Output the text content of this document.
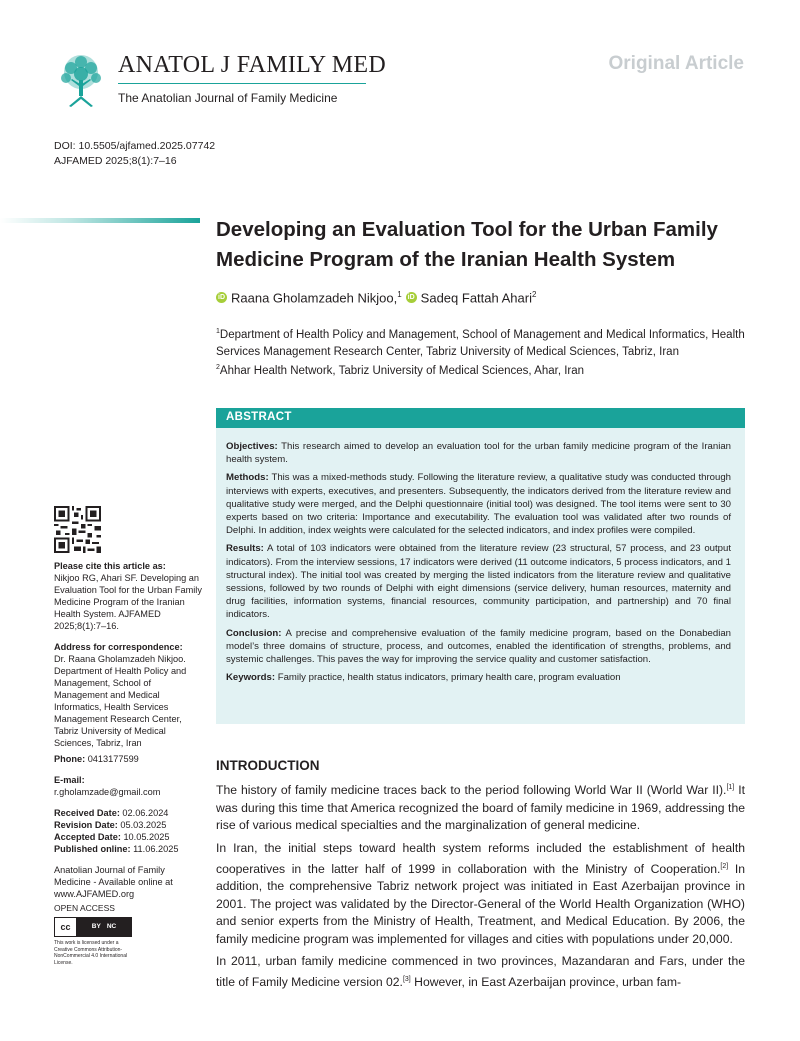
ANATOL J FAMILY MED
The Anatolian Journal of Family Medicine
Original Article
DOI: 10.5505/ajfamed.2025.07742
AJFAMED 2025;8(1):7–16
Developing an Evaluation Tool for the Urban Family Medicine Program of the Iranian Health System
iD Raana Gholamzadeh Nikjoo,$^1$ iD Sadeq Fattah Ahari$^2$
$^1$Department of Health Policy and Management, School of Management and Medical Informatics, Health Services Management Research Center, Tabriz University of Medical Sciences, Tabriz, Iran
$^2$Ahhar Health Network, Tabriz University of Medical Sciences, Ahar, Iran
ABSTRACT

Objectives: This research aimed to develop an evaluation tool for the urban family medicine program of the Iranian health system.

Methods: This was a mixed-methods study. Following the literature review, a qualitative study was conducted through interviews with experts, executives, and presenters. Subsequently, the indicators derived from the literature review and qualitative study were merged, and the Delphi questionnaire (initial tool) was designed. The tool items were sent to 30 experts based on two criteria: Importance and executability. The evaluation tool was validated after two rounds of Delphi. In addition, index weights were calculated for the selected indicators, and index profiles were compiled.

Results: A total of 103 indicators were obtained from the literature review (23 structural, 57 process, and 23 output indicators). From the interview sessions, 17 indicators were derived (11 outcome indicators, 5 process indicators, and 1 structural index). The initial tool was created by merging the listed indicators from the literature review and qualitative sessions, followed by two rounds of Delphi with eight dimensions (service delivery, human resources, maternity and drug facilities, information systems, financial resources, community participation, and partnership) and 70 final indicators.

Conclusion: A precise and comprehensive evaluation of the family medicine program, based on the Donabedian model’s three domains of structure, process, and outcomes, enabled the identification of strengths, problems, and systemic challenges. This paves the way for improving the service quality and customer satisfaction.

Keywords: Family practice, health status indicators, primary health care, program evaluation

Please cite this article as:
Nikjoo RG, Ahari SF. Developing an Evaluation Tool for the Urban Family Medicine Program of the Iranian Health System. AJFAMED 2025;8(1):7–16.
Address for correspondence:
Dr. Raana Gholamzadeh Nikjoo. Department of Health Policy and Management, School of Management and Medical Informatics, Health Services Management Research Center, Tabriz University of Medical Sciences, Tabriz, Iran
Phone: 0413177599
E-mail:
r.gholamzade@gmail.com
Received Date: 02.06.2024
Revision Date: 05.03.2025
Accepted Date: 10.05.2025
Published online: 11.06.2025
Anatolian Journal of Family Medicine - Available online at www.AJFAMED.org
OPEN ACCESS
cc	BY NC
This work is licensed under a Creative Commons Attribution-NonCommercial 4.0 International License.
INTRODUCTION

The history of family medicine traces back to the period following World War II (World War II).[1] It was during this time that America recognized the board of family medicine in 1969, addressing the rise of various medical specialties and the marginalization of general medicine.

In Iran, the initial steps toward health system reforms included the establishment of health cooperatives in the latter half of 1999 in collaboration with the Ministry of Cooperation.[2] In addition, the comprehensive Tabriz network project was initiated in East Azerbaijan province in 2001. The project was validated by the Director-General of the World Health Organization (WHO) and senior experts from the Ministry of Health, Treatment, and Medical Education. By 2006, the family medicine program was implemented for villages and cities with populations under 20,000.

In 2011, urban family medicine commenced in two provinces, Mazandaran and Fars, under the title of Family Medicine version 02.[3] However, in East Azerbaijan province, urban fam-
